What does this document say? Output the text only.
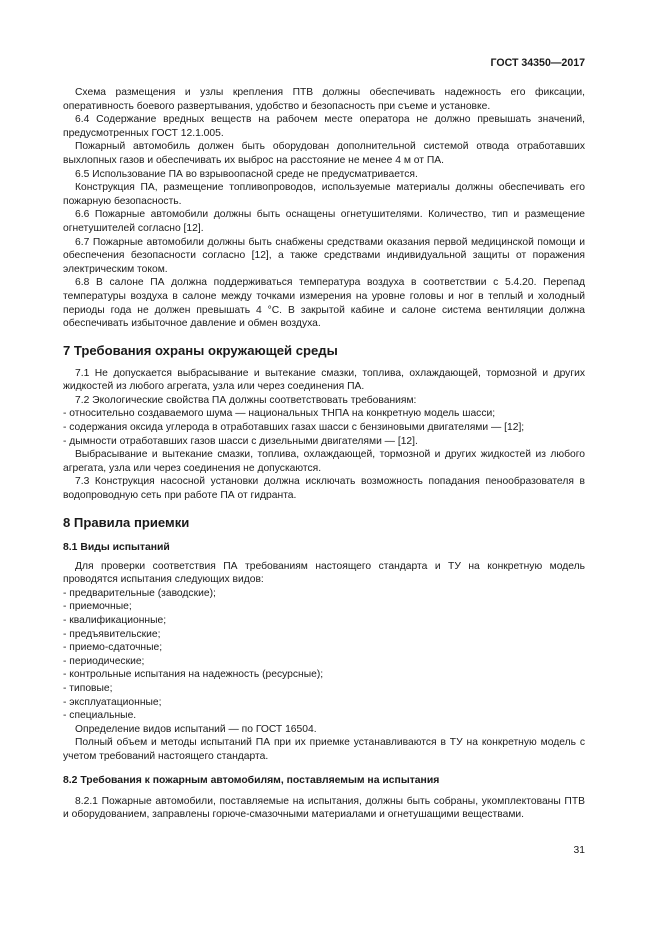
ГОСТ 34350—2017

Схема размещения и узлы крепления ПТВ должны обеспечивать надежность его фиксации, оперативность боевого развертывания, удобство и безопасность при съеме и установке.

6.4 Содержание вредных веществ на рабочем месте оператора не должно превышать значений, предусмотренных ГОСТ 12.1.005.

Пожарный автомобиль должен быть оборудован дополнительной системой отвода отработавших выхлопных газов и обеспечивать их выброс на расстояние не менее 4 м от ПА.

6.5 Использование ПА во взрывоопасной среде не предусматривается.

Конструкция ПА, размещение топливопроводов, используемые материалы должны обеспечивать его пожарную безопасность.

6.6 Пожарные автомобили должны быть оснащены огнетушителями. Количество, тип и размещение огнетушителей согласно [12].

6.7 Пожарные автомобили должны быть снабжены средствами оказания первой медицинской помощи и обеспечения безопасности согласно [12], а также средствами индивидуальной защиты от поражения электрическим током.

6.8 В салоне ПА должна поддерживаться температура воздуха в соответствии с 5.4.20. Перепад температуры воздуха в салоне между точками измерения на уровне головы и ног в теплый и холодный периоды года не должен превышать 4 °С. В закрытой кабине и салоне система вентиляции должна обеспечивать избыточное давление и обмен воздуха.

7 Требования охраны окружающей среды

7.1 Не допускается выбрасывание и вытекание смазки, топлива, охлаждающей, тормозной и других жидкостей из любого агрегата, узла или через соединения ПА.

7.2 Экологические свойства ПА должны соответствовать требованиям:

- относительно создаваемого шума — национальных ТНПА на конкретную модель шасси;

- содержания оксида углерода в отработавших газах шасси с бензиновыми двигателями — [12];

- дымности отработавших газов шасси с дизельными двигателями — [12].

Выбрасывание и вытекание смазки, топлива, охлаждающей, тормозной и других жидкостей из любого агрегата, узла или через соединения не допускаются.

7.3 Конструкция насосной установки должна исключать возможность попадания пенообразователя в водопроводную сеть при работе ПА от гидранта.

8 Правила приемки
8.1 Виды испытаний

Для проверки соответствия ПА требованиям настоящего стандарта и ТУ на конкретную модель проводятся испытания следующих видов:

- предварительные (заводские);

- приемочные;

- квалификационные;

- предъявительские;

- приемо-сдаточные;

- периодические;

- контрольные испытания на надежность (ресурсные);

- типовые;

- эксплуатационные;

- специальные.

Определение видов испытаний — по ГОСТ 16504.

Полный объем и методы испытаний ПА при их приемке устанавливаются в ТУ на конкретную модель с учетом требований настоящего стандарта.

8.2 Требования к пожарным автомобилям, поставляемым на испытания

8.2.1 Пожарные автомобили, поставляемые на испытания, должны быть собраны, укомплектованы ПТВ и оборудованием, заправлены горюче-смазочными материалами и огнетушащими веществами.

31
